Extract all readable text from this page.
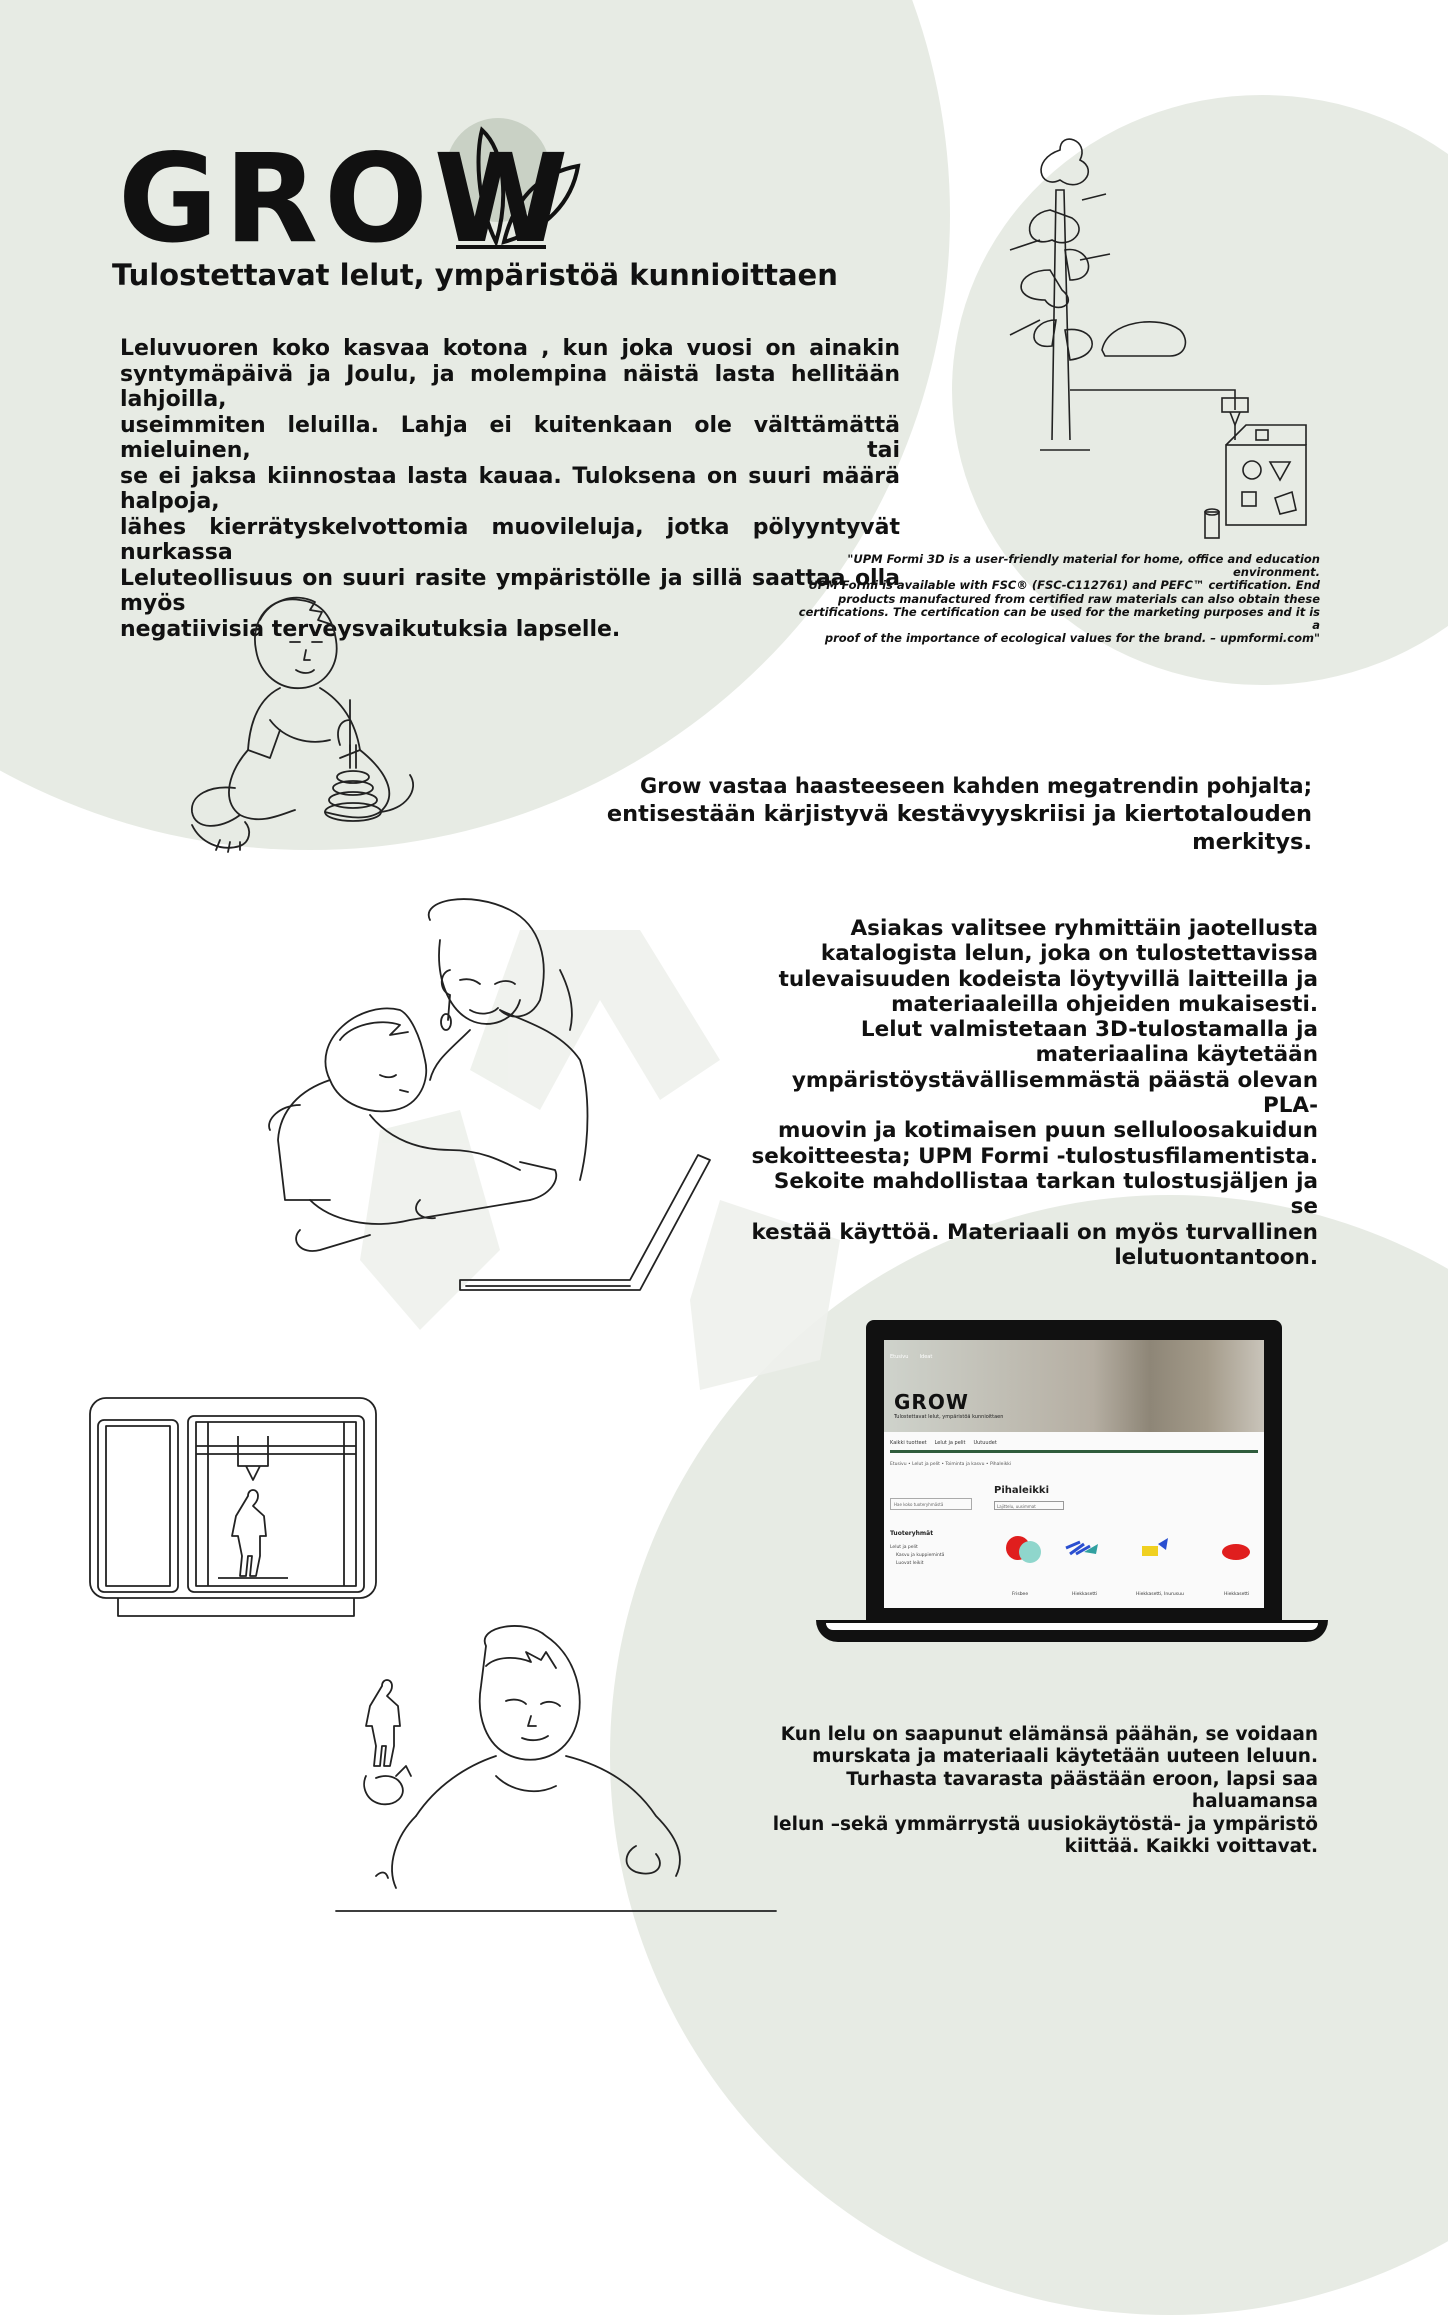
GROW
Tulostettavat lelut, ympäristöä kunnioittaen
Leluvuoren koko kasvaa kotona , kun joka vuosi on ainakin
syntymäpäivä ja Joulu, ja molempina näistä lasta hellitään lahjoilla,
useimmiten leluilla. Lahja ei kuitenkaan ole välttämättä mieluinen, tai
se ei jaksa kiinnostaa lasta kauaa. Tuloksena on suuri määrä halpoja,
lähes kierrätyskelvottomia muovileluja, jotka pölyyntyvät nurkassa
Leluteollisuus on suuri rasite ympäristölle ja sillä saattaa olla myös
negatiivisia terveysvaikutuksia lapselle.
"UPM Formi 3D is a user-friendly material for home, office and education environment.
UPM Formi is available with FSC® (FSC-C112761) and PEFC™ certification. End
products manufactured from certified raw materials can also obtain these
certifications. The certification can be used for the marketing purposes and it is a
proof of the importance of ecological values for the brand. – upmformi.com"
Grow vastaa haasteeseen kahden megatrendin pohjalta;
entisestään kärjistyvä kestävyyskriisi ja kiertotalouden merkitys.
Asiakas valitsee ryhmittäin jaotellusta
katalogista lelun, joka on tulostettavissa
tulevaisuuden kodeista löytyvillä laitteilla ja
materiaaleilla ohjeiden mukaisesti.
Lelut valmistetaan 3D-tulostamalla ja
materiaalina käytetään
ympäristöystävällisemmästä päästä olevan PLA-
muovin ja kotimaisen puun selluloosakuidun
sekoitteesta; UPM Formi -tulostusfilamentista.
Sekoite mahdollistaa tarkan tulostusjäljen ja se
kestää käyttöä. Materiaali on myös turvallinen
lelutuontantoon.
Etusivu Ideat
GROW
Tulostettavat lelut, ympäristöä kunnioittaen
Kaikki tuotteet Lelut ja pelit Uutuudet
Etusivu • Lelut ja pelit • Toiminta ja kasvu • Pihaleikki
Hae koko tuoteryhmästä
Pihaleikki
Lajittelu, uusimmat
Tuoteryhmät
Lelut ja pelit
Kasvu ja kuppiemintä
Luovat leikit
Frisbee	Hiekkasetti	Hiekkasetti, Inurusuu	Hiekkasetti
Kun lelu on saapunut elämänsä päähän, se voidaan
murskata ja materiaali käytetään uuteen leluun.
Turhasta tavarasta päästään eroon, lapsi saa haluamansa
lelun –sekä ymmärrystä uusiokäytöstä- ja ympäristö
kiittää. Kaikki voittavat.
